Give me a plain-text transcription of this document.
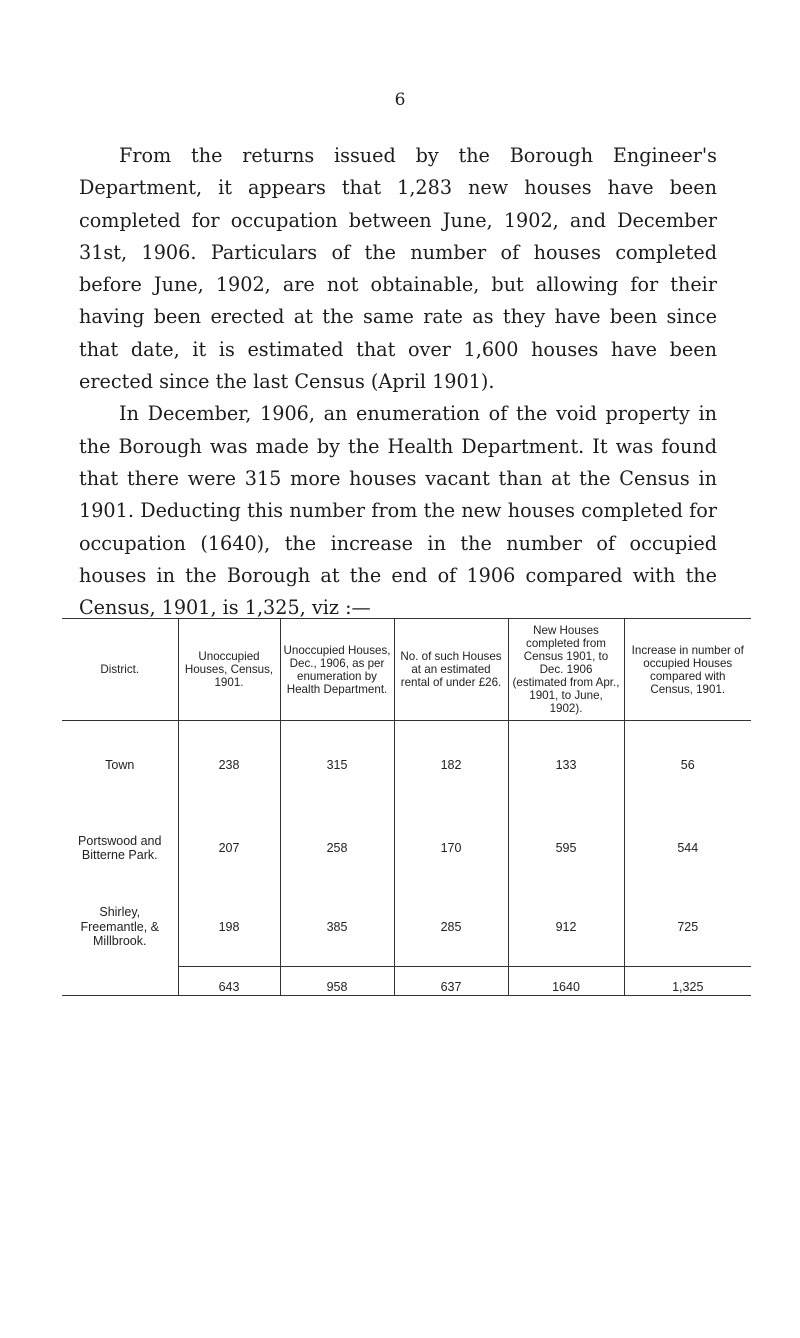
6

From the returns issued by the Borough Engineer's Department, it appears that 1,283 new houses have been completed for occupation between June, 1902, and December 31st, 1906. Particulars of the number of houses completed before June, 1902, are not obtainable, but allowing for their having been erected at the same rate as they have been since that date, it is estimated that over 1,600 houses have been erected since the last Census (April 1901).

In December, 1906, an enumeration of the void property in the Borough was made by the Health Department. It was found that there were 315 more houses vacant than at the Census in 1901. Deducting this number from the new houses completed for occupation (1640), the increase in the number of occupied houses in the Borough at the end of 1906 compared with the Census, 1901, is 1,325, viz :—

District.	Unoccupied Houses, Census, 1901.	Unoccupied Houses, Dec., 1906, as per enumeration by Health Department.	No. of such Houses at an estimated rental of under £26.	New Houses completed from Census 1901, to Dec. 1906 (estimated from Apr., 1901, to June, 1902).	Increase in number of occupied Houses compared with Census, 1901.
Town	238	315	182	133	56
Portswood and Bitterne Park.	207	258	170	595	544
Shirley, Freemantle, & Millbrook.	198	385	285	912	725
	643	958	637	1640	1,325
